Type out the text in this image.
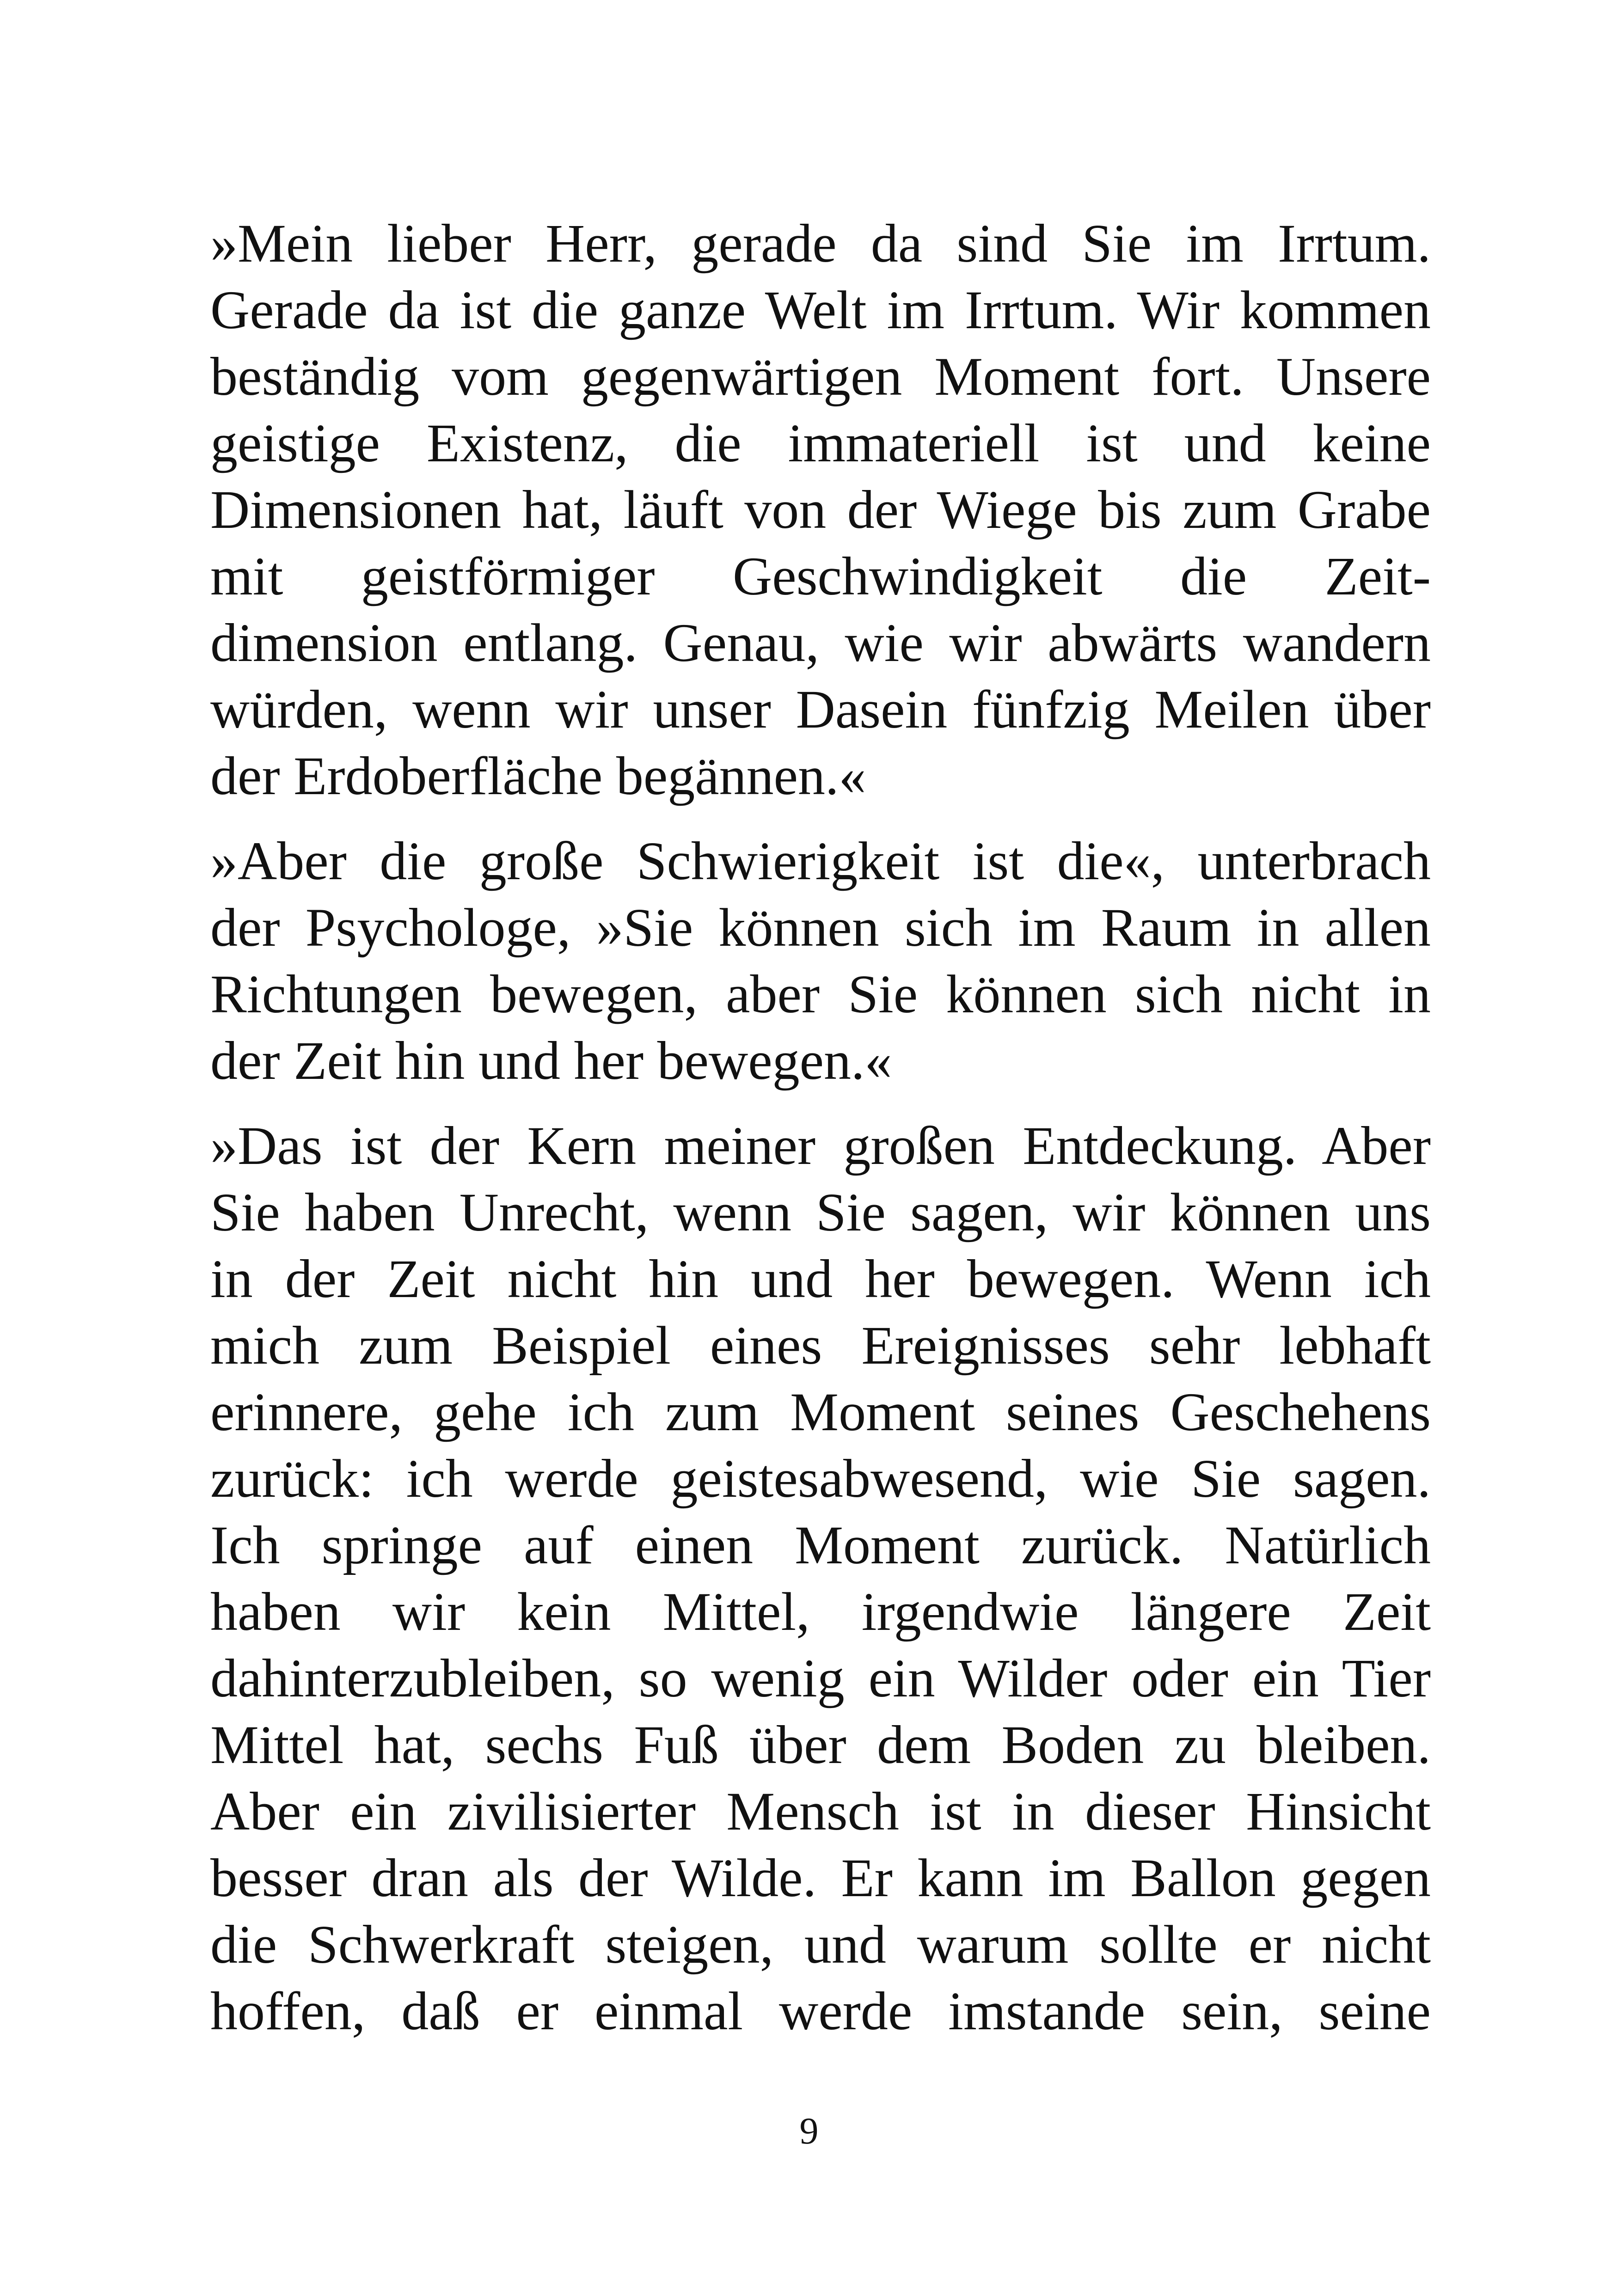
»Mein lieber Herr, gerade da sind Sie im Irrtum.
Gerade da ist die ganze Welt im Irrtum. Wir kommen
beständig vom gegenwärtigen Moment fort. Unsere
geistige Existenz, die immateriell ist und keine
Dimensionen hat, läuft von der Wiege bis zum Grabe
mit geistförmiger Geschwindigkeit die Zeit-
dimension entlang. Genau, wie wir abwärts wandern
würden, wenn wir unser Dasein fünfzig Meilen über
der Erdoberfläche begännen.«
»Aber die große Schwierigkeit ist die«, unterbrach
der Psychologe, »Sie können sich im Raum in allen
Richtungen bewegen, aber Sie können sich nicht in
der Zeit hin und her bewegen.«
»Das ist der Kern meiner großen Entdeckung. Aber
Sie haben Unrecht, wenn Sie sagen, wir können uns
in der Zeit nicht hin und her bewegen. Wenn ich
mich zum Beispiel eines Ereignisses sehr lebhaft
erinnere, gehe ich zum Moment seines Geschehens
zurück: ich werde geistesabwesend, wie Sie sagen.
Ich springe auf einen Moment zurück. Natürlich
haben wir kein Mittel, irgendwie längere Zeit
dahinterzubleiben, so wenig ein Wilder oder ein Tier
Mittel hat, sechs Fuß über dem Boden zu bleiben.
Aber ein zivilisierter Mensch ist in dieser Hinsicht
besser dran als der Wilde. Er kann im Ballon gegen
die Schwerkraft steigen, und warum sollte er nicht
hoffen, daß er einmal werde imstande sein, seine
9
